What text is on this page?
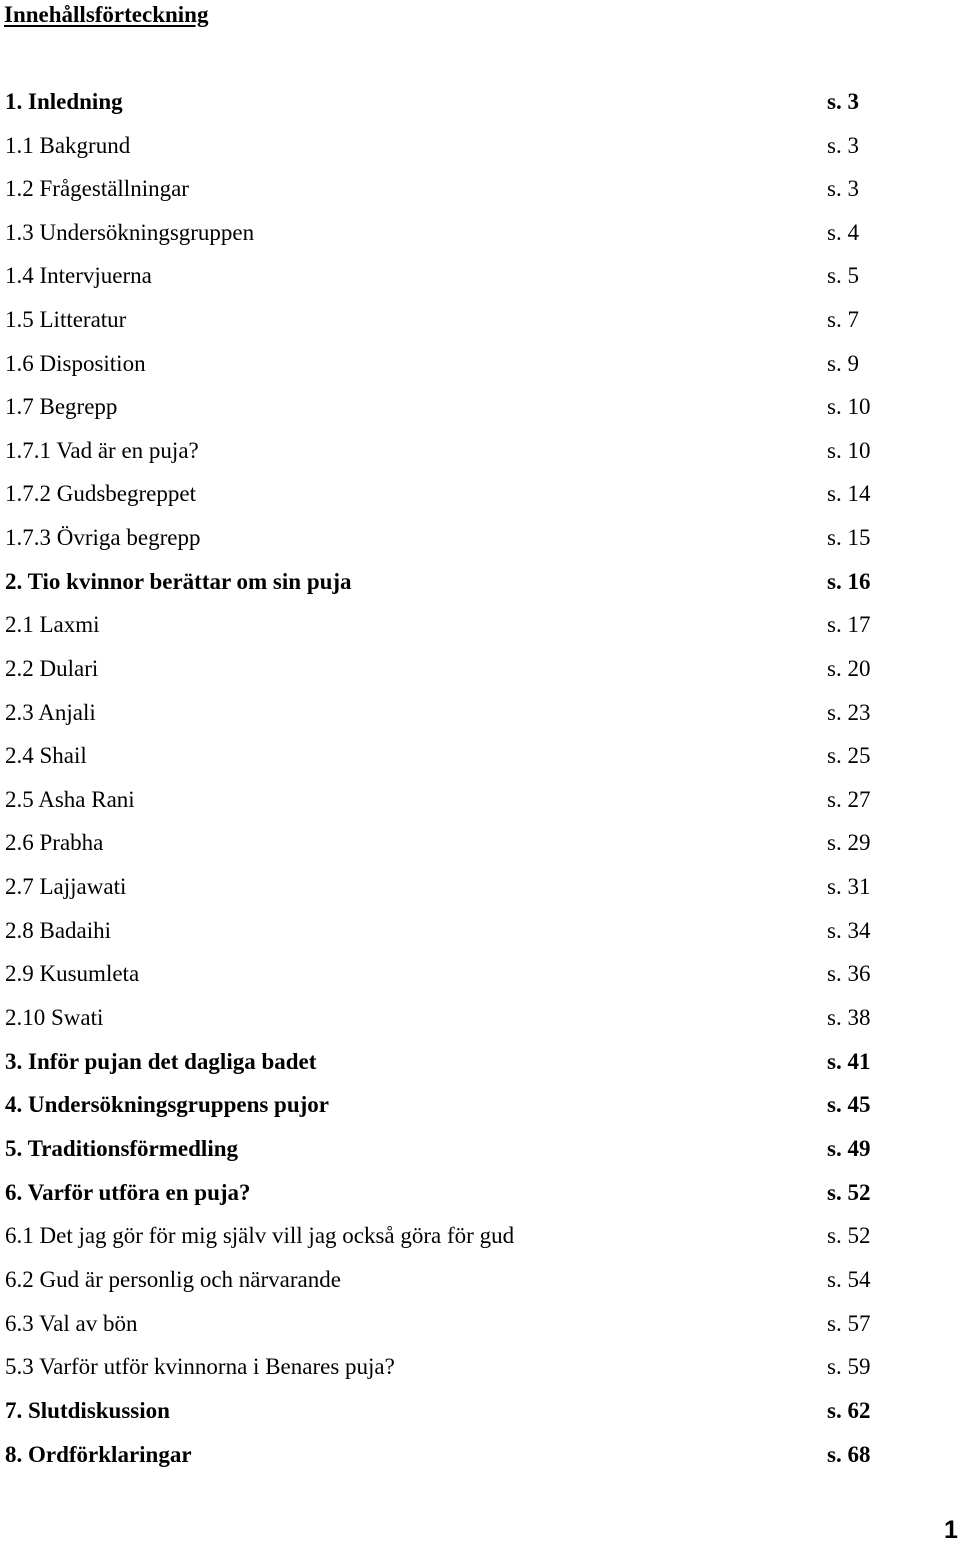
Innehållsförteckning
1. Inledning	s. 3
1.1 Bakgrund	s. 3
1.2 Frågeställningar	s. 3
1.3 Undersökningsgruppen	s. 4
1.4 Intervjuerna	s. 5
1.5 Litteratur	s. 7
1.6 Disposition	s. 9
1.7 Begrepp	s. 10
1.7.1 Vad är en puja?	s. 10
1.7.2 Gudsbegreppet	s. 14
1.7.3 Övriga begrepp	s. 15
2. Tio kvinnor berättar om sin puja	s. 16
2.1 Laxmi	s. 17
2.2 Dulari	s. 20
2.3 Anjali	s. 23
2.4 Shail	s. 25
2.5 Asha Rani	s. 27
2.6 Prabha	s. 29
2.7 Lajjawati	s. 31
2.8 Badaihi	s. 34
2.9 Kusumleta	s. 36
2.10 Swati	s. 38
3. Inför pujan det dagliga badet	s. 41
4. Undersökningsgruppens pujor	s. 45
5. Traditionsförmedling	s. 49
6. Varför utföra en puja?	s. 52
6.1 Det jag gör för mig själv vill jag också göra för gud	s. 52
6.2 Gud är personlig och närvarande	s. 54
6.3 Val av bön	s. 57
5.3 Varför utför kvinnorna i Benares puja?	s. 59
7. Slutdiskussion	s. 62
8. Ordförklaringar	s. 68
1
